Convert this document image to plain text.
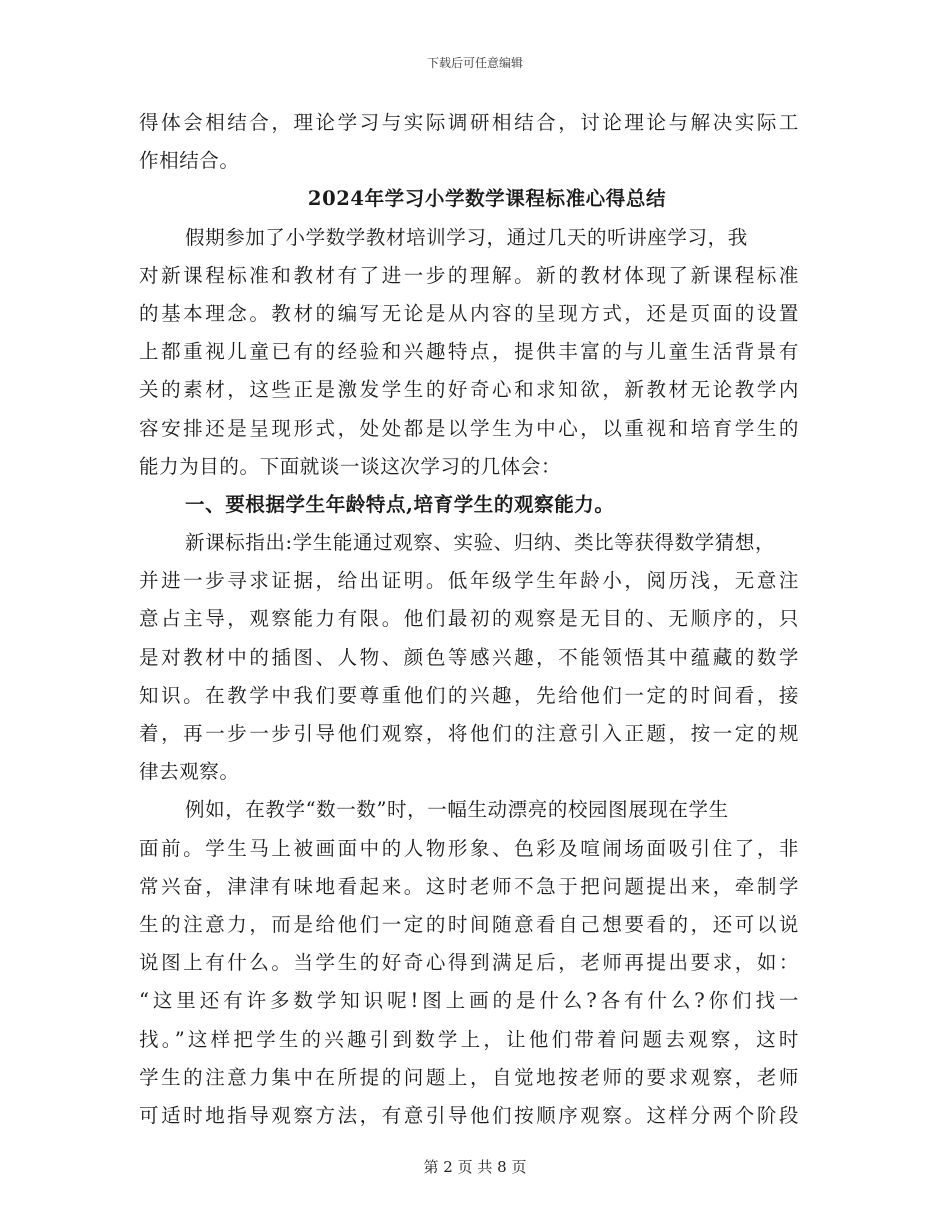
下载后可任意编辑
得体会相结合，理论学习与实际调研相结合，讨论理论与解决实际工
作相结合。
2024年学习小学数学课程标准心得总结
假期参加了小学数学教材培训学习，通过几天的听讲座学习，我
对新课程标准和教材有了进一步的理解。新的教材体现了新课程标准
的基本理念。教材的编写无论是从内容的呈现方式，还是页面的设置
上都重视儿童已有的经验和兴趣特点，提供丰富的与儿童生活背景有
关的素材，这些正是激发学生的好奇心和求知欲，新教材无论教学内
容安排还是呈现形式，处处都是以学生为中心，以重视和培育学生的
能力为目的。下面就谈一谈这次学习的几体会：
一、要根据学生年龄特点,培育学生的观察能力。
新课标指出:学生能通过观察、实验、归纳、类比等获得数学猜想，
并进一步寻求证据，给出证明。低年级学生年龄小，阅历浅，无意注
意占主导，观察能力有限。他们最初的观察是无目的、无顺序的，只
是对教材中的插图、人物、颜色等感兴趣，不能领悟其中蕴藏的数学
知识。在教学中我们要尊重他们的兴趣，先给他们一定的时间看，接
着，再一步一步引导他们观察，将他们的注意引入正题，按一定的规
律去观察。
例如，在教学“数一数”时，一幅生动漂亮的校园图展现在学生
面前。学生马上被画面中的人物形象、色彩及喧闹场面吸引住了，非
常兴奋，津津有味地看起来。这时老师不急于把问题提出来，牵制学
生的注意力，而是给他们一定的时间随意看自己想要看的，还可以说
说图上有什么。当学生的好奇心得到满足后，老师再提出要求，如：
“这里还有许多数学知识呢!图上画的是什么?各有什么?你们找一
找。”这样把学生的兴趣引到数学上，让他们带着问题去观察，这时
学生的注意力集中在所提的问题上，自觉地按老师的要求观察，老师
可适时地指导观察方法，有意引导他们按顺序观察。这样分两个阶段
第 2 页 共 8 页
